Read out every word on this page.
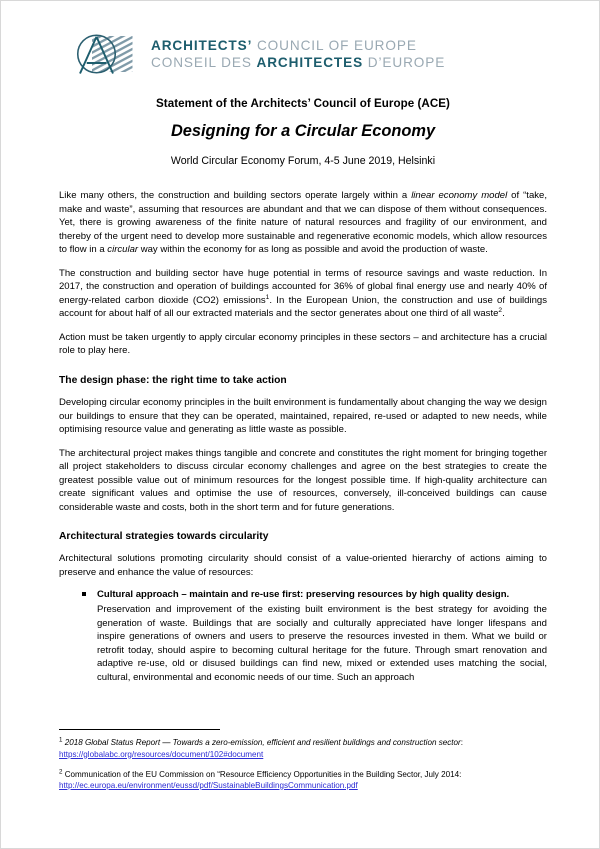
ARCHITECTS’ COUNCIL OF EUROPE
CONSEIL DES ARCHITECTES D’EUROPE
Statement of the Architects’ Council of Europe (ACE)
Designing for a Circular Economy
World Circular Economy Forum, 4-5 June 2019, Helsinki

Like many others, the construction and building sectors operate largely within a linear economy model of “take, make and waste”, assuming that resources are abundant and that we can dispose of them without consequences. Yet, there is growing awareness of the finite nature of natural resources and fragility of our environment, and thereby of the urgent need to develop more sustainable and regenerative economic models, which allow resources to flow in a circular way within the economy for as long as possible and avoid the production of waste.

The construction and building sector have huge potential in terms of resource savings and waste reduction. In 2017, the construction and operation of buildings accounted for 36% of global final energy use and nearly 40% of energy-related carbon dioxide (CO2) emissions$^1$. In the European Union, the construction and use of buildings account for about half of all our extracted materials and the sector generates about one third of all waste$^2$.

Action must be taken urgently to apply circular economy principles in these sectors – and architecture has a crucial role to play here.

The design phase: the right time to take action

Developing circular economy principles in the built environment is fundamentally about changing the way we design our buildings to ensure that they can be operated, maintained, repaired, re-used or adapted to new needs, while optimising resource value and generating as little waste as possible.

The architectural project makes things tangible and concrete and constitutes the right moment for bringing together all project stakeholders to discuss circular economy challenges and agree on the best strategies to create the greatest possible value out of minimum resources for the longest possible time. If high-quality architecture can create significant values and optimise the use of resources, conversely, ill-conceived buildings can cause considerable waste and costs, both in the short term and for future generations.

Architectural strategies towards circularity

Architectural solutions promoting circularity should consist of a value-oriented hierarchy of actions aiming to preserve and enhance the value of resources:

Cultural approach – maintain and re-use first: preserving resources by high quality design.
Preservation and improvement of the existing built environment is the best strategy for avoiding the generation of waste. Buildings that are socially and culturally appreciated have longer lifespans and inspire generations of owners and users to preserve the resources invested in them. What we build or retrofit today, should aspire to becoming cultural heritage for the future. Through smart renovation and adaptive re-use, old or disused buildings can find new, mixed or extended uses matching the social, cultural, environmental and economic needs of our time. Such an approach
$^1$ 2018 Global Status Report — Towards a zero-emission, efficient and resilient buildings and construction sector:
https://globalabc.org/resources/document/102#document
$^2$ Communication of the EU Commission on “Resource Efficiency Opportunities in the Building Sector, July 2014:
http://ec.europa.eu/environment/eussd/pdf/SustainableBuildingsCommunication.pdf
